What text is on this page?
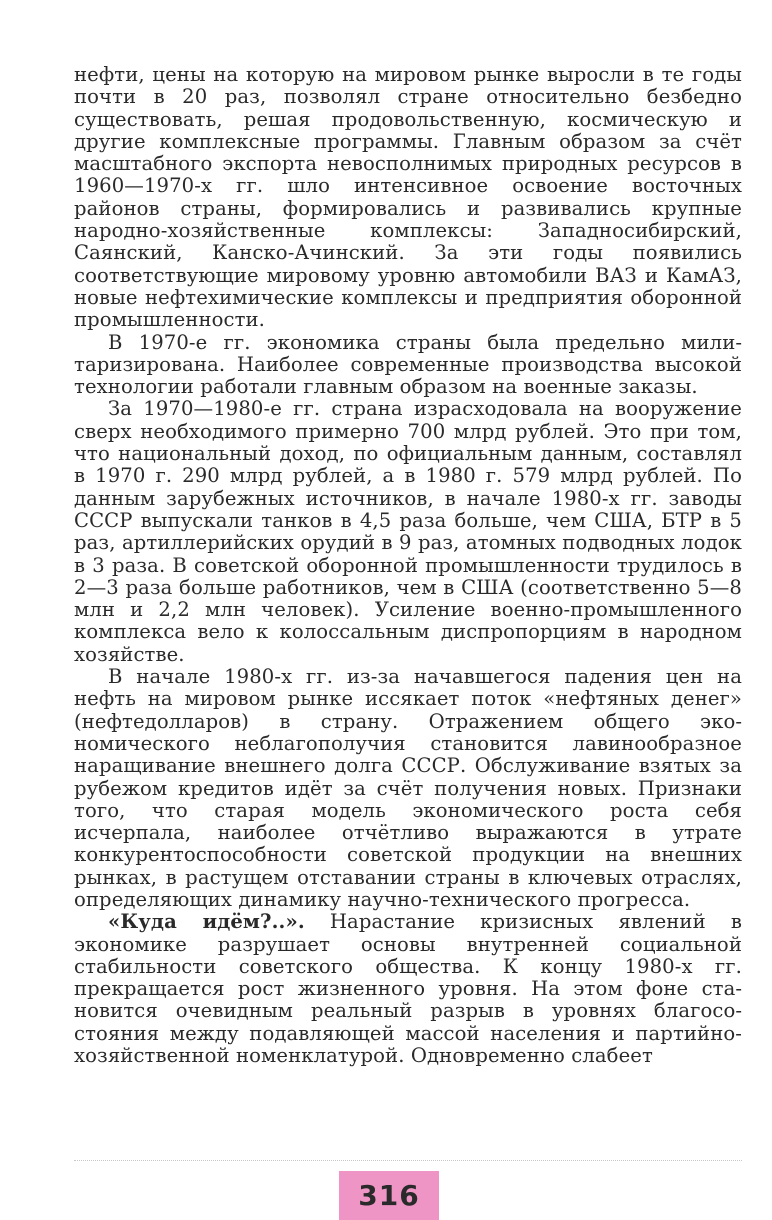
нефти, цены на которую на мировом рынке выросли в те годы почти в 20 раз, позволял стране относительно безбедно существовать, решая продовольственную, космическую и другие комплексные программы. Главным образом за счёт масштабного экспорта невосполнимых природных ресурсов в 1960—1970-х гг. шло интенсивное освоение восточных районов страны, формировались и развивались крупные народно-хозяйственные комплексы: Западносибирский, Саянский, Канско-Ачинский. За эти годы появились соответствующие мировому уровню автомобили ВАЗ и КамАЗ, новые нефтехимические комплексы и предприятия оборонной промышленности.

В 1970-е гг. экономика страны была предельно милитаризирована. Наиболее современные производства высокой технологии работали главным образом на военные заказы.

За 1970—1980-е гг. страна израсходовала на вооружение сверх необходимого примерно 700 млрд рублей. Это при том, что национальный доход, по официальным данным, составлял в 1970 г. 290 млрд рублей, а в 1980 г. 579 млрд рублей. По данным зарубежных источников, в начале 1980-х гг. заводы СССР выпускали танков в 4,5 раза больше, чем США, БТР в 5 раз, артиллерийских орудий в 9 раз, атомных подводных лодок в 3 раза. В советской оборонной промышленности трудилось в 2—3 раза больше работников, чем в США (соответственно 5—8 млн и 2,2 млн человек). Усиление военно-промышленного комплекса вело к колоссальным диспропорциям в народном хозяйстве.

В начале 1980-х гг. из-за начавшегося падения цен на нефть на мировом рынке иссякает поток «нефтяных денег» (нефтедолларов) в страну. Отражением общего экономического неблагополучия становится лавинообразное наращивание внешнего долга СССР. Обслуживание взятых за рубежом кредитов идёт за счёт получения новых. Признаки того, что старая модель экономического роста себя исчерпала, наиболее отчётливо выражаются в утрате конкурентоспособности советской продукции на внешних рынках, в растущем отставании страны в ключевых отраслях, определяющих динамику научно-технического прогресса.

«Куда идём?..». Нарастание кризисных явлений в экономике разрушает основы внутренней социальной стабильности советского общества. К концу 1980-х гг. прекращается рост жизненного уровня. На этом фоне становится очевидным реальный разрыв в уровнях благосостояния между подавляющей массой населения и партийно-хозяйственной номенклатурой. Одновременно слабеет

316
